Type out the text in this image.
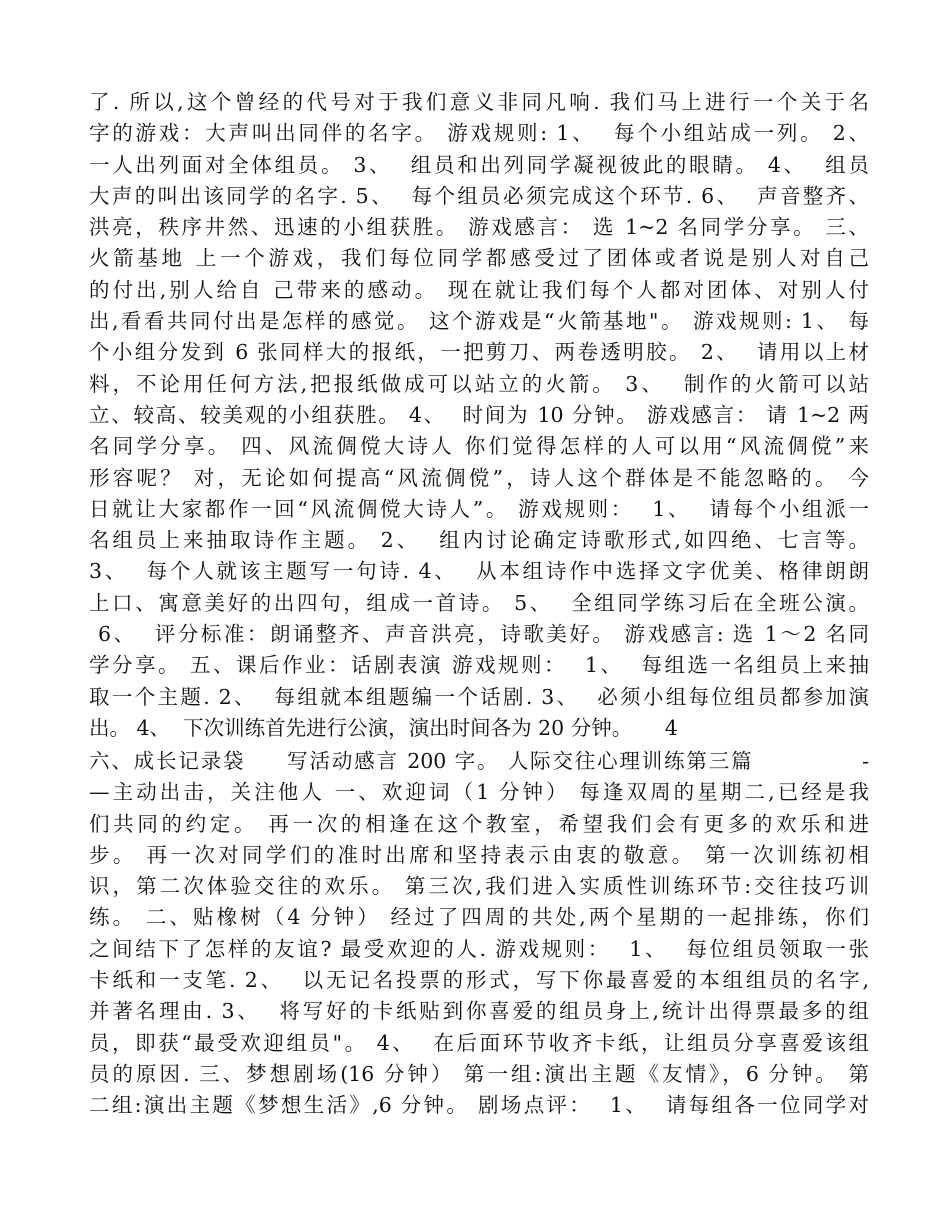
了. 所以,这个曾经的代号对于我们意义非同凡响. 我们马上进行一个关于名
字的游戏：大声叫出同伴的名字。 游戏规则: 1、  每个小组站成一列。 2、
一人出列面对全体组员。 3、  组员和出列同学凝视彼此的眼睛。 4、  组员
大声的叫出该同学的名字. 5、  每个组员必须完成这个环节. 6、  声音整齐、
洪亮，秩序井然、迅速的小组获胜。 游戏感言： 选 1~2 名同学分享。 三、
火箭基地 上一个游戏，我们每位同学都感受过了团体或者说是别人对自己
的付出,别人给自 己带来的感动。 现在就让我们每个人都对团体、对别人付
出,看看共同付出是怎样的感觉。 这个游戏是“火箭基地"。 游戏规则: 1、 每
个小组分发到 6 张同样大的报纸，一把剪刀、两卷透明胶。 2、  请用以上材
料，不论用任何方法,把报纸做成可以站立的火箭。 3、  制作的火箭可以站
立、较高、较美观的小组获胜。 4、  时间为 10 分钟。 游戏感言： 请 1~2 两
名同学分享。 四、风流倜傥大诗人 你们觉得怎样的人可以用“风流倜傥”来
形容呢？ 对，无论如何提高“风流倜傥”，诗人这个群体是不能忽略的。 今
日就让大家都作一回“风流倜傥大诗人”。 游戏规则：  1、  请每个小组派一
名组员上来抽取诗作主题。 2、  组内讨论确定诗歌形式,如四绝、七言等。
3、  每个人就该主题写一句诗. 4、  从本组诗作中选择文字优美、格律朗朗
上口、寓意美好的出四句，组成一首诗。 5、  全组同学练习后在全班公演。
6、  评分标准：朗诵整齐、声音洪亮，诗歌美好。 游戏感言: 选 1～2 名同
学分享。 五、课后作业：话剧表演 游戏规则：  1、  每组选一名组员上来抽
取一个主题. 2、  每组就本组题编一个话剧. 3、  必须小组每位组员都参加演
出。 4、  下次训练首先进行公演，演出时间各为 20 分钟。     4
六、成长记录袋     写活动感言 200 字。 人际交往心理训练第三篇             -
—主动出击，关注他人 一、欢迎词（1 分钟） 每逢双周的星期二,已经是我
们共同的约定。 再一次的相逢在这个教室，希望我们会有更多的欢乐和进
步。 再一次对同学们的准时出席和坚持表示由衷的敬意。 第一次训练初相
识，第二次体验交往的欢乐。 第三次,我们进入实质性训练环节:交往技巧训
练。 二、贴橡树（4 分钟） 经过了四周的共处,两个星期的一起排练，你们
之间结下了怎样的友谊? 最受欢迎的人. 游戏规则：  1、  每位组员领取一张
卡纸和一支笔. 2、  以无记名投票的形式，写下你最喜爱的本组组员的名字,
并著名理由. 3、  将写好的卡纸贴到你喜爱的组员身上,统计出得票最多的组
员，即获“最受欢迎组员"。 4、  在后面环节收齐卡纸，让组员分享喜爱该组
员的原因. 三、梦想剧场(16 分钟） 第一组:演出主题《友情》，6 分钟。 第
二组:演出主题《梦想生活》,6 分钟。 剧场点评：  1、  请每组各一位同学对
